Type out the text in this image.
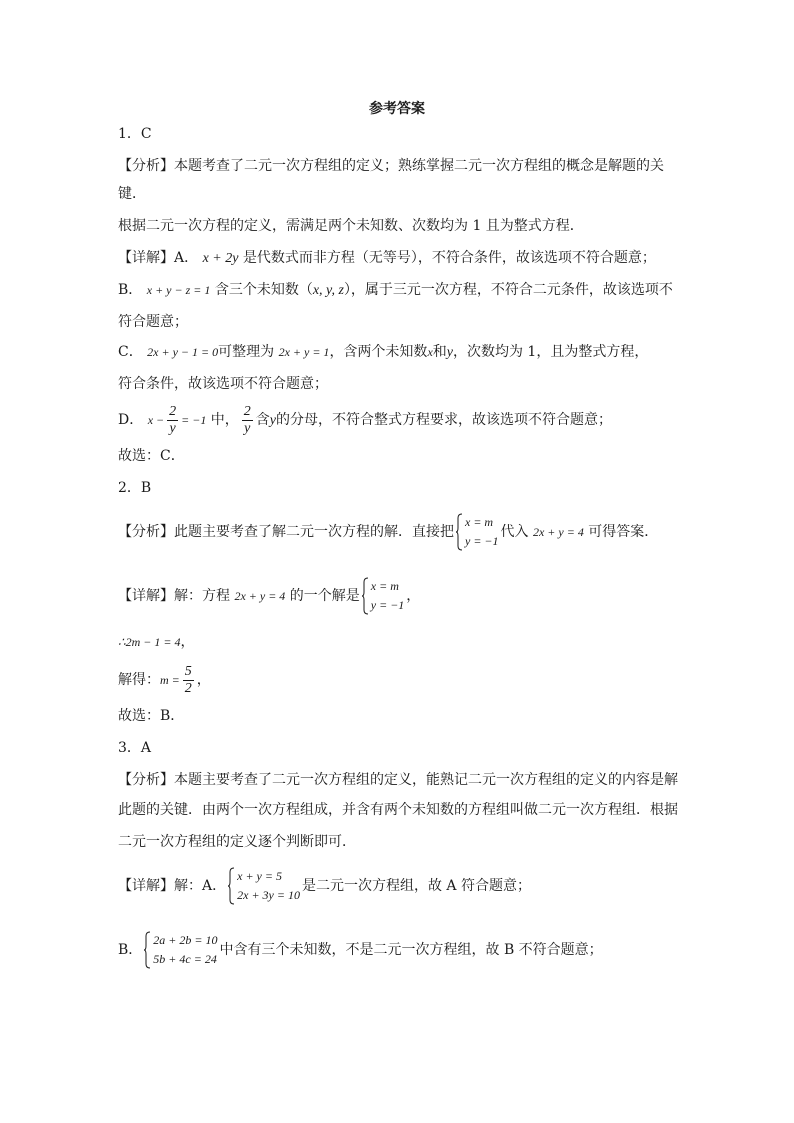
参考答案
1．C
【分析】本题考查了二元一次方程组的定义；熟练掌握二元一次方程组的概念是解题的关
键．
根据二元一次方程的定义，需满足两个未知数、次数均为 1 且为整式方程．
【详解】A． x + 2y 是代数式而非方程（无等号），不符合条件，故该选项不符合题意；
B． x + y − z = 1 含三个未知数（x, y, z），属于三元一次方程，不符合二元条件，故该选项不
符合题意；
C． 2x + y − 1 = 0可整理为 2x + y = 1，含两个未知数x和y，次数均为 1，且为整式方程，
符合条件，故该选项不符合题意；
D． $x - \frac{2}{y} = -1$ 中， $\frac{2}{y}$ 含y的分母，不符合整式方程要求，故该选项不符合题意；
故选：C．
2．B
【分析】此题主要考查了解二元一次方程的解．直接把
x = m
y = −1
代入 2x + y = 4 可得答案．
【详解】解：方程 2x + y = 4 的一个解是
x = m
y = −1
，
∴2m − 1 = 4，
解得：$m = \frac{5}{2}$ ，
故选：B．
3．A
【分析】本题主要考查了二元一次方程组的定义，能熟记二元一次方程组的定义的内容是解
此题的关键．由两个一次方程组成，并含有两个未知数的方程组叫做二元一次方程组．根据
二元一次方程组的定义逐个判断即可．
【详解】解：A．
x + y = 5
2x + 3y = 10
是二元一次方程组，故 A 符合题意；
B．
2a + 2b = 10
5b + 4c = 24
中含有三个未知数，不是二元一次方程组，故 B 不符合题意；
